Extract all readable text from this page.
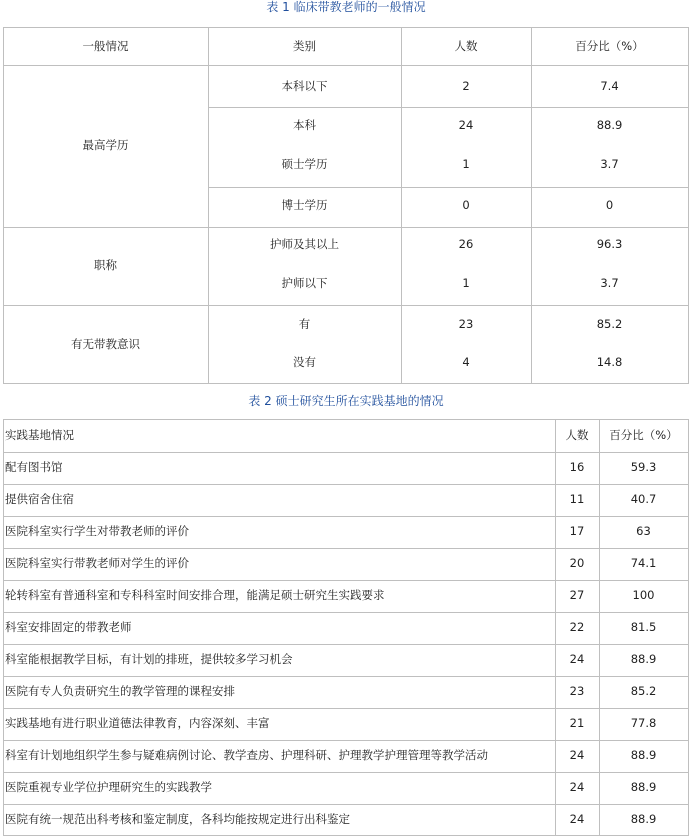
表 1 临床带教老师的一般情况
一般情况	类别	人数	百分比（%）
最高学历
本科以下	2	7.4
本科	24	88.9
硕士学历	1	3.7
博士学历	0	0
职称
护师及其以上	26	96.3
护师以下	1	3.7
有无带教意识
有	23	85.2
没有	4	14.8
表 2 硕士研究生所在实践基地的情况
实践基地情况	人数	百分比（%）
配有图书馆	16	59.3
提供宿舍住宿	11	40.7
医院科室实行学生对带教老师的评价	17	63
医院科室实行带教老师对学生的评价	20	74.1
轮转科室有普通科室和专科科室时间安排合理，能满足硕士研究生实践要求	27	100
科室安排固定的带教老师	22	81.5
科室能根据教学目标，有计划的排班，提供较多学习机会	24	88.9
医院有专人负责研究生的教学管理的课程安排	23	85.2
实践基地有进行职业道德法律教育，内容深刻、丰富	21	77.8
科室有计划地组织学生参与疑难病例讨论、教学查房、护理科研、护理教学护理管理等教学活动	24	88.9
医院重视专业学位护理研究生的实践教学	24	88.9
医院有统一规范出科考核和鉴定制度，各科均能按规定进行出科鉴定	24	88.9
